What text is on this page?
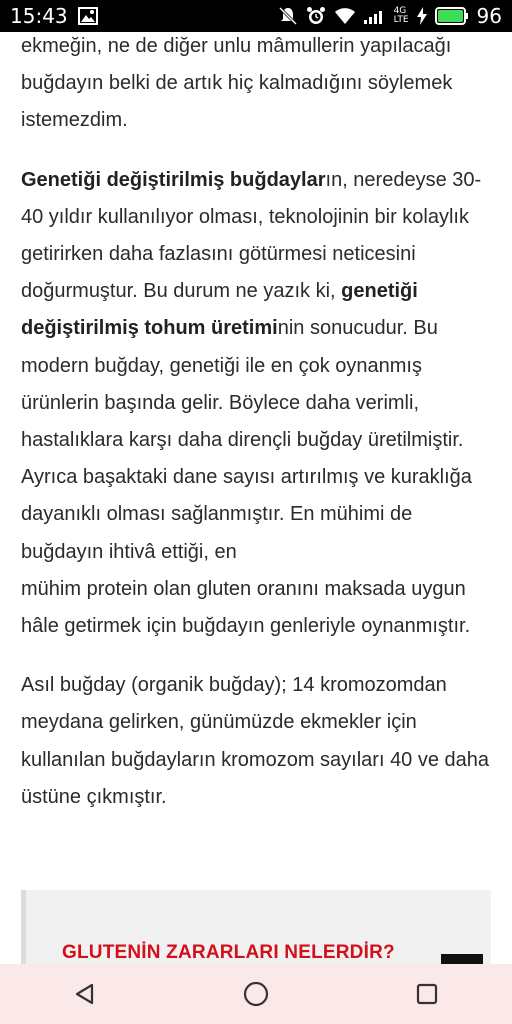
15:43	4G
LTE	96

ekmeğin, ne de diğer unlu mâmullerin yapılacağı buğdayın belki de artık hiç kalmadığını söylemek istemezdim.

Genetiği değiştirilmiş buğdayların, neredeyse 30-40 yıldır kullanılıyor olması, teknolojinin bir kolaylık getirirken daha fazlasını götürmesi neticesini doğurmuştur. Bu durum ne yazık ki, genetiği değiştirilmiş tohum üretiminin sonucudur. Bu modern buğday, genetiği ile en çok oynanmış ürünlerin başında gelir. Böylece daha verimli, hastalıklara karşı daha dirençli buğday üretilmiştir. Ayrıca başaktaki dane sayısı artırılmış ve kuraklığa dayanıklı olması sağlanmıştır. En mühimi de buğdayın ihtivâ ettiği, en
mühim protein olan gluten oranını maksada uygun hâle getirmek için buğdayın genleriyle oynanmıştır.

Asıl buğday (organik buğday); 14 kromozomdan meydana gelirken, günümüzde ekmekler için kullanılan buğdayların kromozom sayıları 40 ve daha üstüne çıkmıştır.

GLUTENİN ZARARLARI NELERDİR?
